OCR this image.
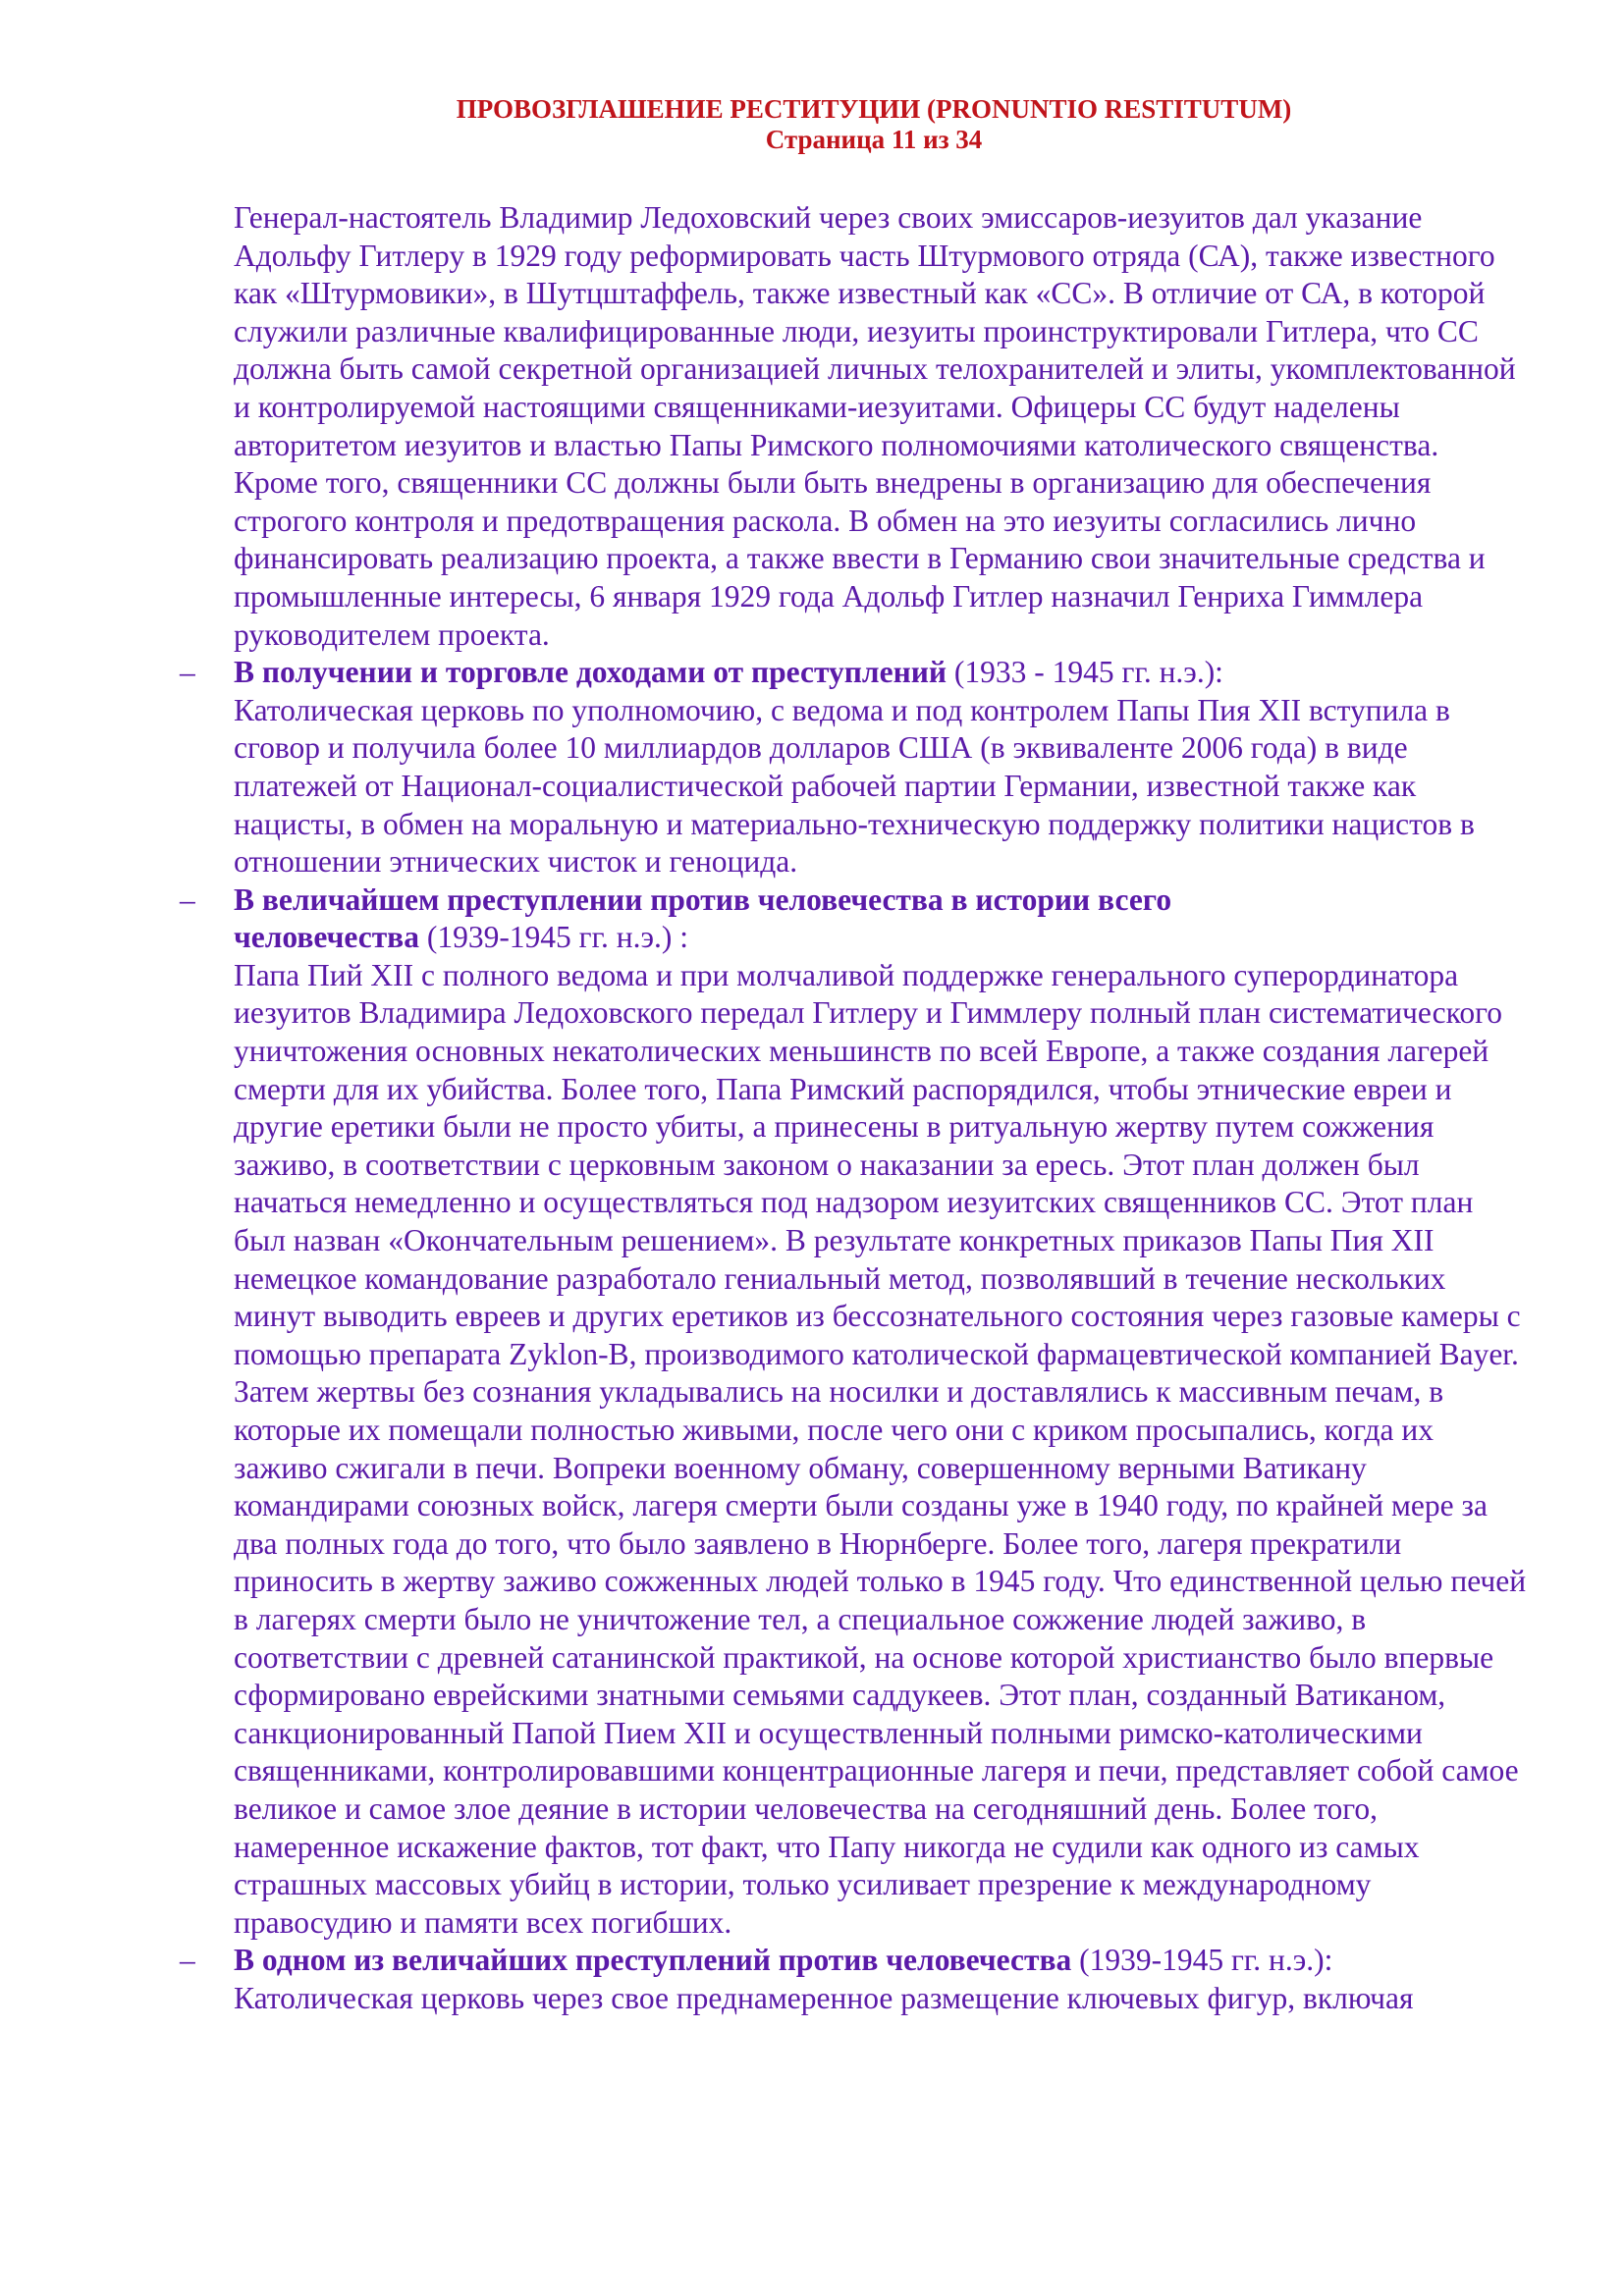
ПРОВОЗГЛАШЕНИЕ РЕСТИТУЦИИ (PRONUNTIO RESTITUTUM)
Страница 11 из 34

Генерал-настоятель Владимир Ледоховский через своих эмиссаров-иезуитов дал указание Адольфу Гитлеру в 1929 году реформировать часть Штурмового отряда (СА), также известного как «Штурмовики», в Шутцштаффель, также известный как «СС». В отличие от СА, в которой служили различные квалифицированные люди, иезуиты проинструктировали Гитлера, что СС должна быть самой секретной организацией личных телохранителей и элиты, укомплектованной и контролируемой настоящими священниками-иезуитами. Офицеры СС будут наделены авторитетом иезуитов и властью Папы Римского полномочиями католического священства. Кроме того, священники СС должны были быть внедрены в организацию для обеспечения строгого контроля и предотвращения раскола. В обмен на это иезуиты согласились лично финансировать реализацию проекта, а также ввести в Германию свои значительные средства и промышленные интересы, 6 января 1929 года Адольф Гитлер назначил Генриха Гиммлера руководителем проекта.

– В получении и торговле доходами от преступлений (1933 - 1945 гг. н.э.):
Католическая церковь по уполномочию, с ведома и под контролем Папы Пия XII вступила в сговор и получила более 10 миллиардов долларов США (в эквиваленте 2006 года) в виде платежей от Национал-социалистической рабочей партии Германии, известной также как нацисты, в обмен на моральную и материально-техническую поддержку политики нацистов в отношении этнических чисток и геноцида.
– В величайшем преступлении против человечества в истории всего человечества (1939-1945 гг. н.э.) :
Папа Пий XII с полного ведома и при молчаливой поддержке генерального суперординатора иезуитов Владимира Ледоховского передал Гитлеру и Гиммлеру полный план систематического уничтожения основных некатолических меньшинств по всей Европе, а также создания лагерей смерти для их убийства. Более того, Папа Римский распорядился, чтобы этнические евреи и другие еретики были не просто убиты, а принесены в ритуальную жертву путем сожжения заживо, в соответствии с церковным законом о наказании за ересь. Этот план должен был начаться немедленно и осуществляться под надзором иезуитских священников СС. Этот план был назван «Окончательным решением». В результате конкретных приказов Папы Пия XII немецкое командование разработало гениальный метод, позволявший в течение нескольких минут выводить евреев и других еретиков из бессознательного состояния через газовые камеры с помощью препарата Zyklon-B, производимого католической фармацевтической компанией Bayer. Затем жертвы без сознания укладывались на носилки и доставлялись к массивным печам, в которые их помещали полностью живыми, после чего они с криком просыпались, когда их заживо сжигали в печи. Вопреки военному обману, совершенному верными Ватикану командирами союзных войск, лагеря смерти были созданы уже в 1940 году, по крайней мере за два полных года до того, что было заявлено в Нюрнберге. Более того, лагеря прекратили приносить в жертву заживо сожженных людей только в 1945 году. Что единственной целью печей в лагерях смерти было не уничтожение тел, а специальное сожжение людей заживо, в соответствии с древней сатанинской практикой, на основе которой христианство было впервые сформировано еврейскими знатными семьями саддукеев. Этот план, созданный Ватиканом, санкционированный Папой Пием XII и осуществленный полными римско-католическими священниками, контролировавшими концентрационные лагеря и печи, представляет собой самое великое и самое злое деяние в истории человечества на сегодняшний день. Более того, намеренное искажение фактов, тот факт, что Папу никогда не судили как одного из самых страшных массовых убийц в истории, только усиливает презрение к международному правосудию и памяти всех погибших.
– В одном из величайших преступлений против человечества (1939-1945 гг. н.э.):
Католическая церковь через свое преднамеренное размещение ключевых фигур, включая
